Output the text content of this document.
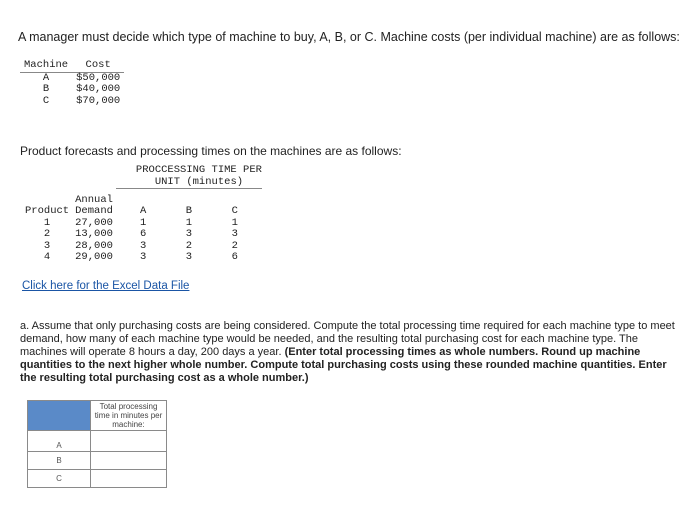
A manager must decide which type of machine to buy, A, B, or C. Machine costs (per individual machine) are as follows:
Machine	Cost
A	$50,000
B	$40,000
C	$70,000
Product forecasts and processing times on the machines are as follows:

		PROCCESSING TIME PER
UNIT (minutes)		

	Annual			
Product	Demand	A	B	C
1	27,000	1	1	1
2	13,000	6	3	3
3	28,000	3	2	2
4	29,000	3	3	6
Click here for the Excel Data File
a. Assume that only purchasing costs are being considered. Compute the total processing time required for each machine type to meet demand, how many of each machine type would be needed, and the resulting total purchasing cost for each machine type. The machines will operate 8 hours a day, 200 days a year. (Enter total processing times as whole numbers. Round up machine quantities to the next higher whole number. Compute total purchasing costs using these rounded machine quantities. Enter the resulting total purchasing cost as a whole number.)
	Total processing time in minutes per machine:
A	
B	
C	
